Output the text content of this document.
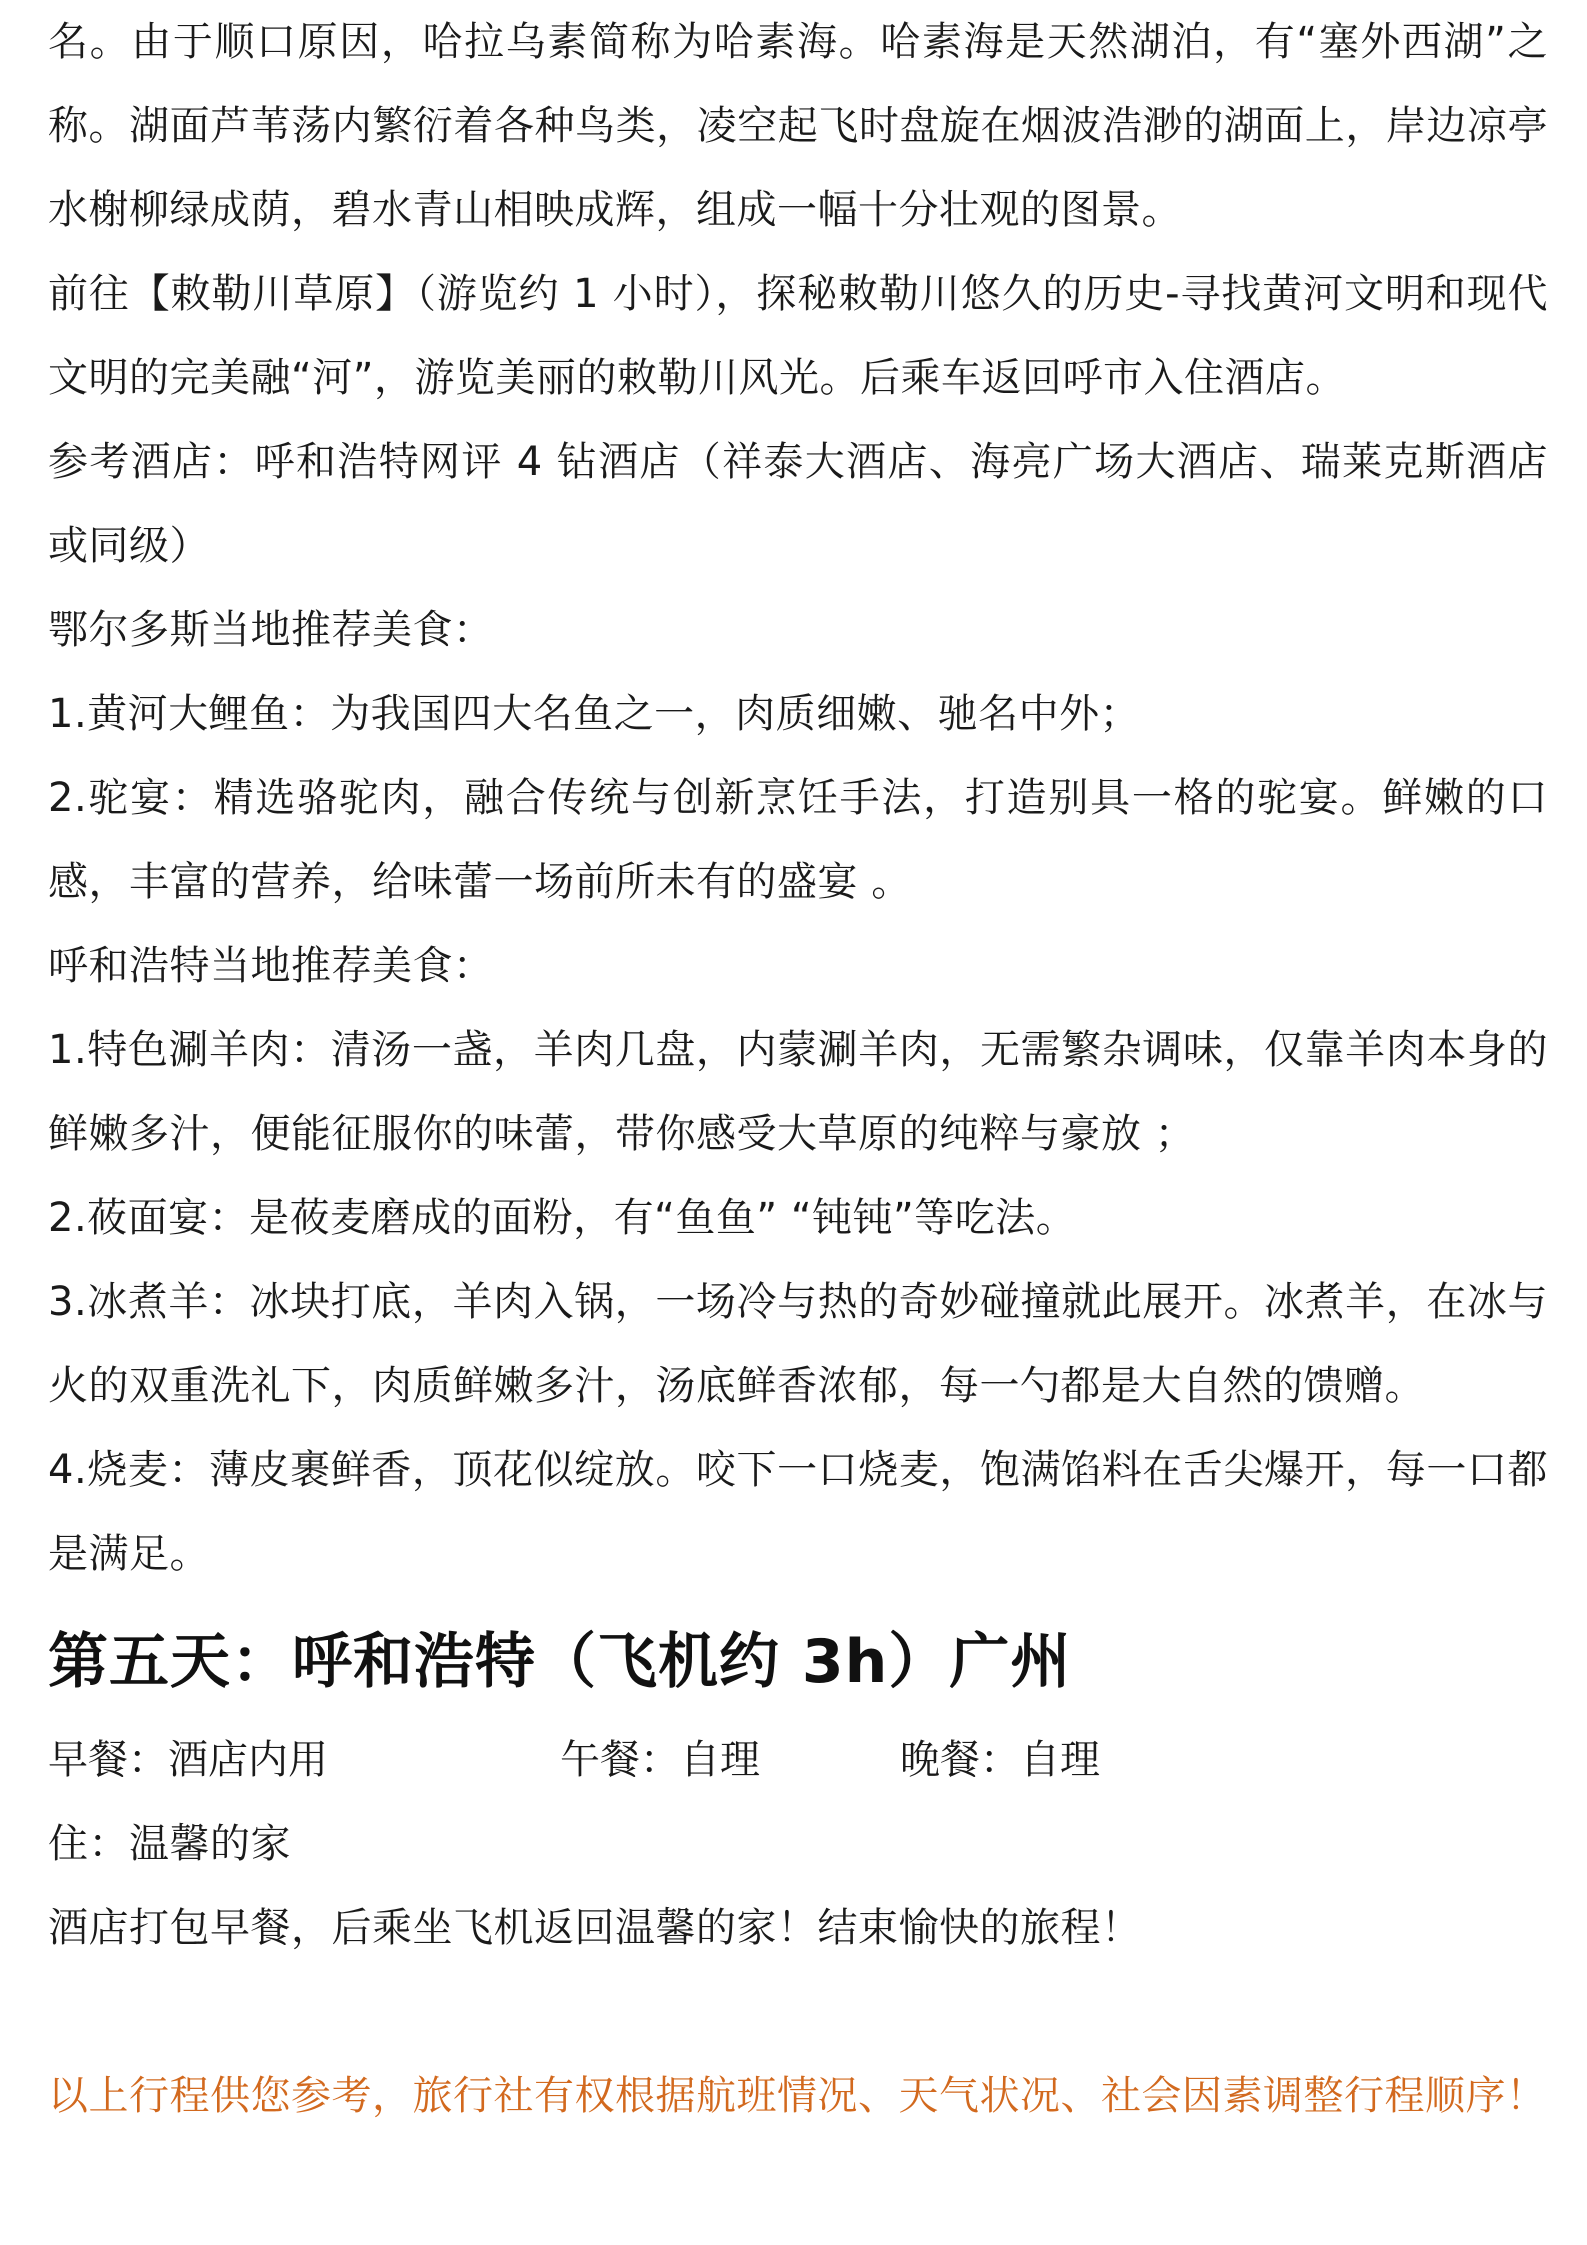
名。由于顺口原因，哈拉乌素简称为哈素海。哈素海是天然湖泊，有“塞外西湖”之称。湖面芦苇荡内繁衍着各种鸟类，凌空起飞时盘旋在烟波浩渺的湖面上，岸边凉亭水榭柳绿成荫，碧水青山相映成辉，组成一幅十分壮观的图景。

前往【敕勒川草原】（游览约 1 小时），探秘敕勒川悠久的历史-寻找黄河文明和现代文明的完美融“河”，游览美丽的敕勒川风光。后乘车返回呼市入住酒店。

参考酒店：呼和浩特网评 4 钻酒店（祥泰大酒店、海亮广场大酒店、瑞莱克斯酒店或同级）

鄂尔多斯当地推荐美食：

1.黄河大鲤鱼：为我国四大名鱼之一，肉质细嫩、驰名中外；

2.驼宴：精选骆驼肉，融合传统与创新烹饪手法，打造别具一格的驼宴。鲜嫩的口感，丰富的营养，给味蕾一场前所未有的盛宴 。

呼和浩特当地推荐美食：

1.特色涮羊肉：清汤一盏，羊肉几盘，内蒙涮羊肉，无需繁杂调味，仅靠羊肉本身的鲜嫩多汁，便能征服你的味蕾，带你感受大草原的纯粹与豪放 ；

2.莜面宴：是莜麦磨成的面粉，有“鱼鱼” “钝钝”等吃法。

3.冰煮羊：冰块打底，羊肉入锅，一场冷与热的奇妙碰撞就此展开。冰煮羊，在冰与火的双重洗礼下，肉质鲜嫩多汁，汤底鲜香浓郁，每一勺都是大自然的馈赠。

4.烧麦：薄皮裹鲜香，顶花似绽放。咬下一口烧麦，饱满馅料在舌尖爆开，每一口都是满足。

第五天：呼和浩特（飞机约 3h）广州
早餐：酒店内用	午餐：自理	晚餐：自理

住：温馨的家

酒店打包早餐，后乘坐飞机返回温馨的家！结束愉快的旅程！

以上行程供您参考，旅行社有权根据航班情况、天气状况、社会因素调整行程顺序！
